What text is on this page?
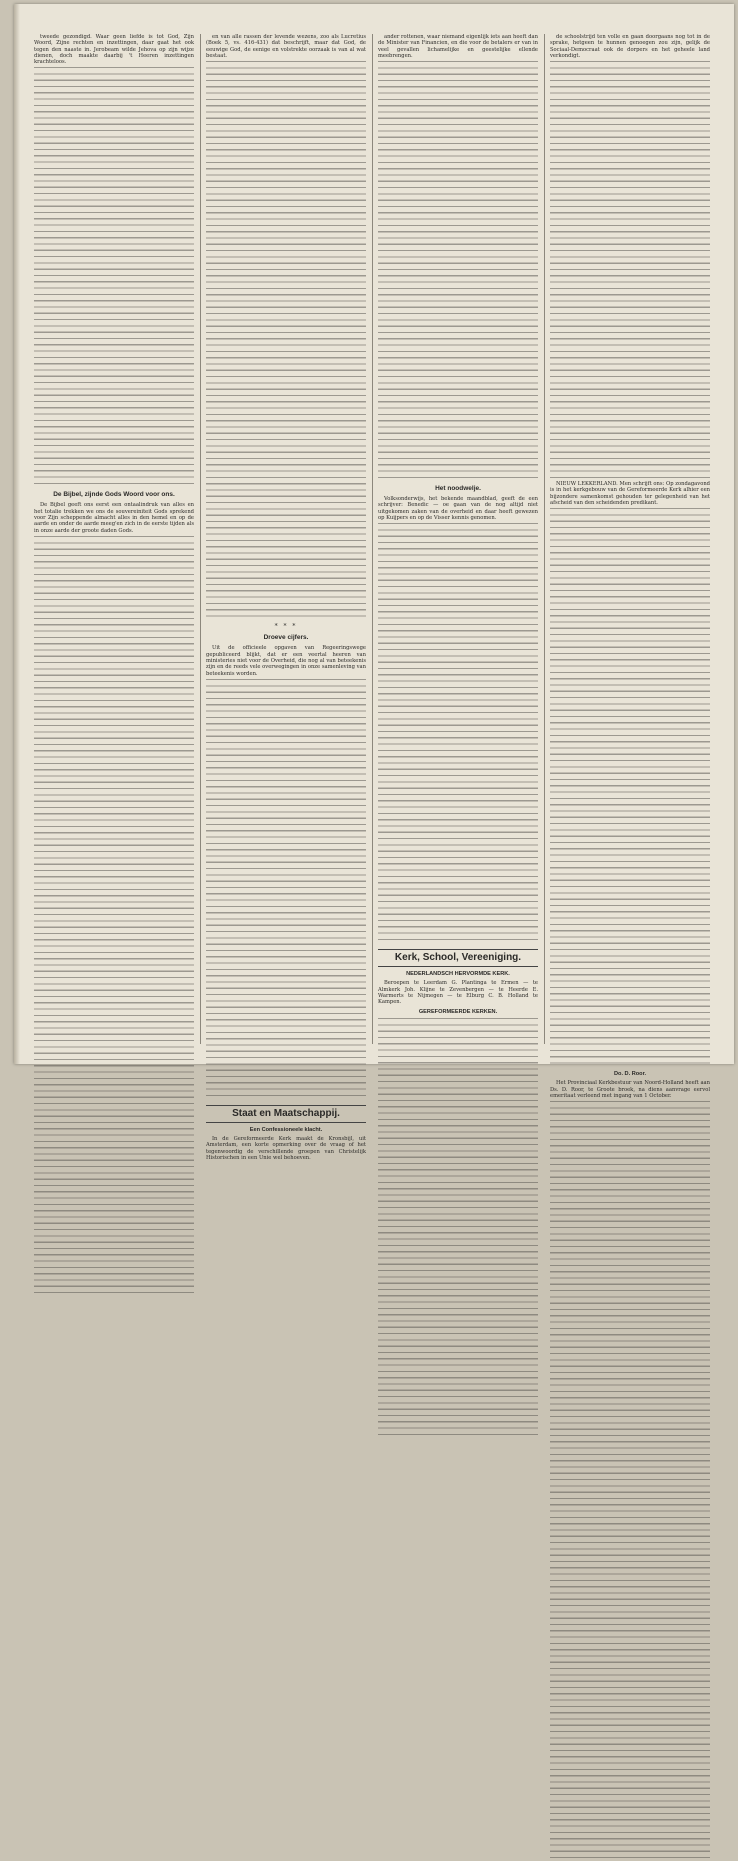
tweede gezondigd. Waar geen liefde is tot God, Zijn Woord, Zijne rechten en inzettingen, daar gaat het ook tegen den naaste in. Jerobeam wilde Jehova op zijn wijze dienen, doch maakte daarbij 't Heeren inzettingen krachteloos.

De Bijbel, zijnde Gods Woord voor ons.

De Bijbel geeft ons eerst een ontaalindruk van alles en het totalie trekken we ons de souvereiniteit Gods sprekend voor Zijn scheppende almacht alles in den hemel en op de aarde en onder de aarde meeg'en zich in de eerste tijden als in onze aarde der groote daden Gods.

en van alle rassen der levende wezens, zoo als Lucretius (Boek 5, vs. 416-431) dat beschrijft, maar dat God, de eeuwige God, de eenige en volstrekte oorzaak is van al wat bestaat.

* * *
Droeve cijfers.

Uit de officieele opgaven van Regeeringswege gepubliceerd blijkt, dat er een veertal heeren van ministeries niet voor de Overheid, die nog al van beteekenis zijn en de reeds vele overwegingen in onze samenleving van beteekenis worden.

Staat en Maatschappij.
Een Confessioneele klacht.

In de Gereformeerde Kerk maakt de Kronsbijl, uit Amsterdam, een korte opmerking over de vraag of het tegenwoordig de verschillende groepen van Christelijk Historischen in een Unie wel behoeven.

ander rottenen, waar niemand eigenlijk iets aan heeft dan de Minister van Financien, en die voor de betalers er van in veel gevallen lichamelijke en geestelijke ellende meebrengen.

Het noodwelje.

Volksonderwijs, het bekende maandblad, geeft de een schrijver: Benedic — oe gaan van de nog altijd niet uitgekomen zaken van de overheid en daar heeft gewezen op Kuijpers en op de Visser kennis genomen.

Kerk, School, Vereeniging.
NEDERLANDSCH HERVORMDE KERK.

Beroepen te Leerdam G. Plantinga te Ermen — te Almkerk Joh. Klijne te Zevenbergen — te Heerde E. Warmerts te Nijmegen — te Elburg C. B. Holland te Kampen.

GEREFORMEERDE KERKEN.

de schoolstrijd ten volle en gaan doorgaans nog tot in de sprake, hetgeen te hunnen genoegen zou zijn, gelijk de Sociaal-Democraat ook de dorpers en het geheele land verkondigt.

NIEUW LEKKERLAND. Men schrijft ons: Op zondagavond is in het kerkgebouw van de Gereformeerde Kerk alhier een bijzondere samenkomst gehouden ter gelegenheid van het afscheid van den scheidenden predikant.

Do. D. Roor.

Het Provinciaal Kerkbestuur van Noord-Holland heeft aan Ds. D. Roor, te Groote broek, na diens aanvrage eervol emeritaat verleend met ingang van 1 October.
